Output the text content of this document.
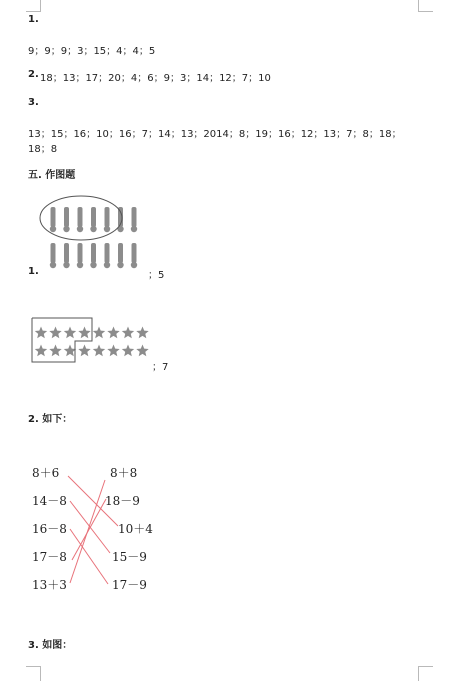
1.
9；9；9；3；15；4；4；5
2. 18；13；17；20；4；6；9；3；14；12；7；10
3.
13；15；16；10；16；7；14；13；2014；8；19；16；12；13；7；8；18；
18；8
五. 作图题
1.	；5
；7
2. 如下：
8＋6
14－8
16－8
17－8
13＋3
8＋8
18－9
10＋4
15－9
17－9
3. 如图：
